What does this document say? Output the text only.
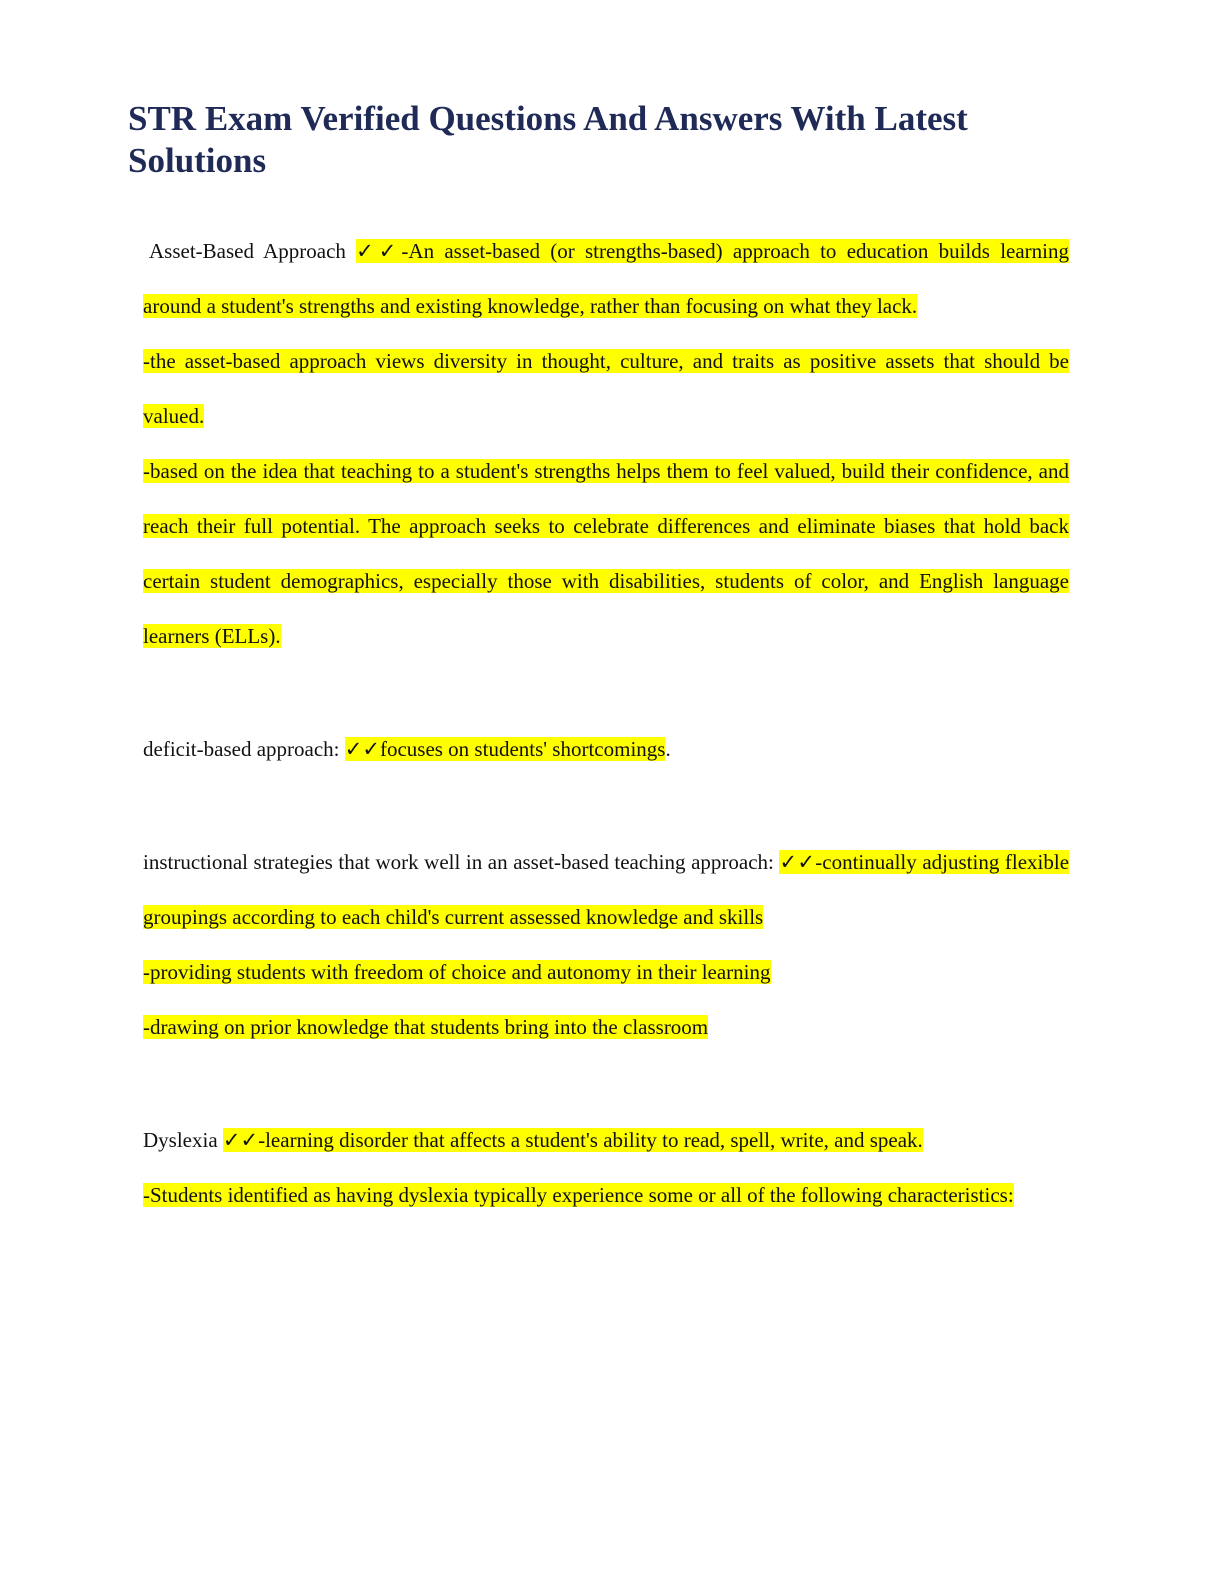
STR Exam Verified Questions And Answers With Latest Solutions
Asset-Based Approach ✓✓-An asset-based (or strengths-based) approach to education builds learning around a student's strengths and existing knowledge, rather than focusing on what they lack.
-the asset-based approach views diversity in thought, culture, and traits as positive assets that should be valued.
-based on the idea that teaching to a student's strengths helps them to feel valued, build their confidence, and reach their full potential. The approach seeks to celebrate differences and eliminate biases that hold back certain student demographics, especially those with disabilities, students of color, and English language learners (ELLs).
deficit-based approach: ✓✓focuses on students' shortcomings.
instructional strategies that work well in an asset-based teaching approach: ✓✓-continually adjusting flexible groupings according to each child's current assessed knowledge and skills
-providing students with freedom of choice and autonomy in their learning
-drawing on prior knowledge that students bring into the classroom
Dyslexia ✓✓-learning disorder that affects a student's ability to read, spell, write, and speak.
-Students identified as having dyslexia typically experience some or all of the following characteristics:
